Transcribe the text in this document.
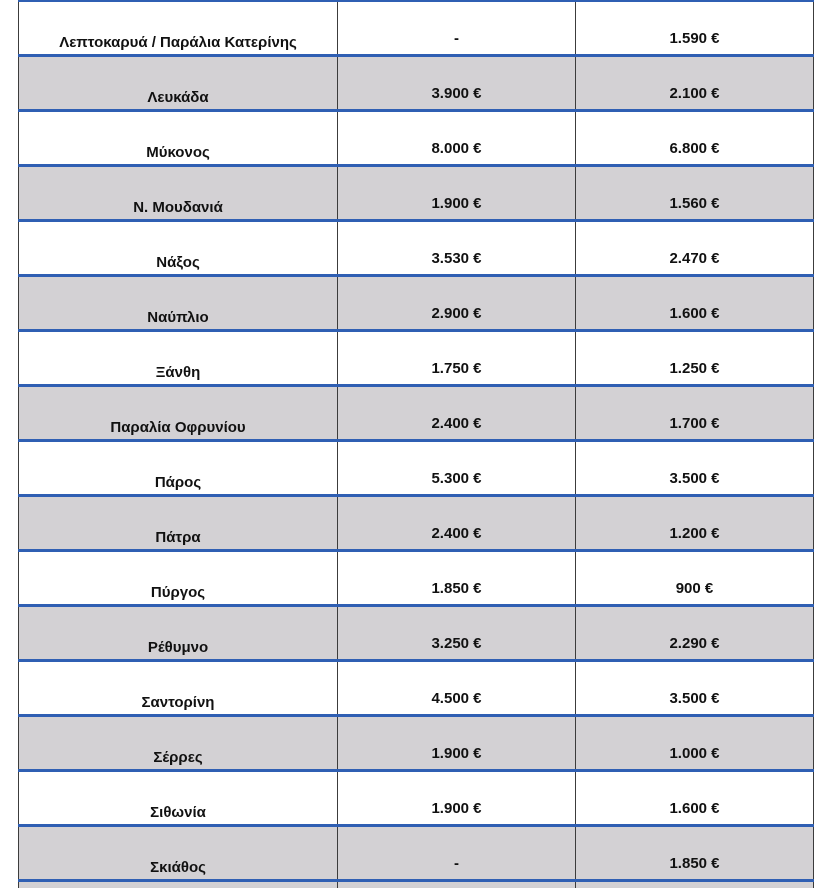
Λεπτοκαρυά / Παράλια Κατερίνης	-	1.590 €
Λευκάδα	3.900 €	2.100 €
Μύκονος	8.000 €	6.800 €
Ν. Μουδανιά	1.900 €	1.560 €
Νάξος	3.530 €	2.470 €
Ναύπλιο	2.900 €	1.600 €
Ξάνθη	1.750 €	1.250 €
Παραλία Οφρυνίου	2.400 €	1.700 €
Πάρος	5.300 €	3.500 €
Πάτρα	2.400 €	1.200 €
Πύργος	1.850 €	900 €
Ρέθυμνο	3.250 €	2.290 €
Σαντορίνη	4.500 €	3.500 €
Σέρρες	1.900 €	1.000 €
Σιθωνία	1.900 €	1.600 €
Σκιάθος	-	1.850 €
